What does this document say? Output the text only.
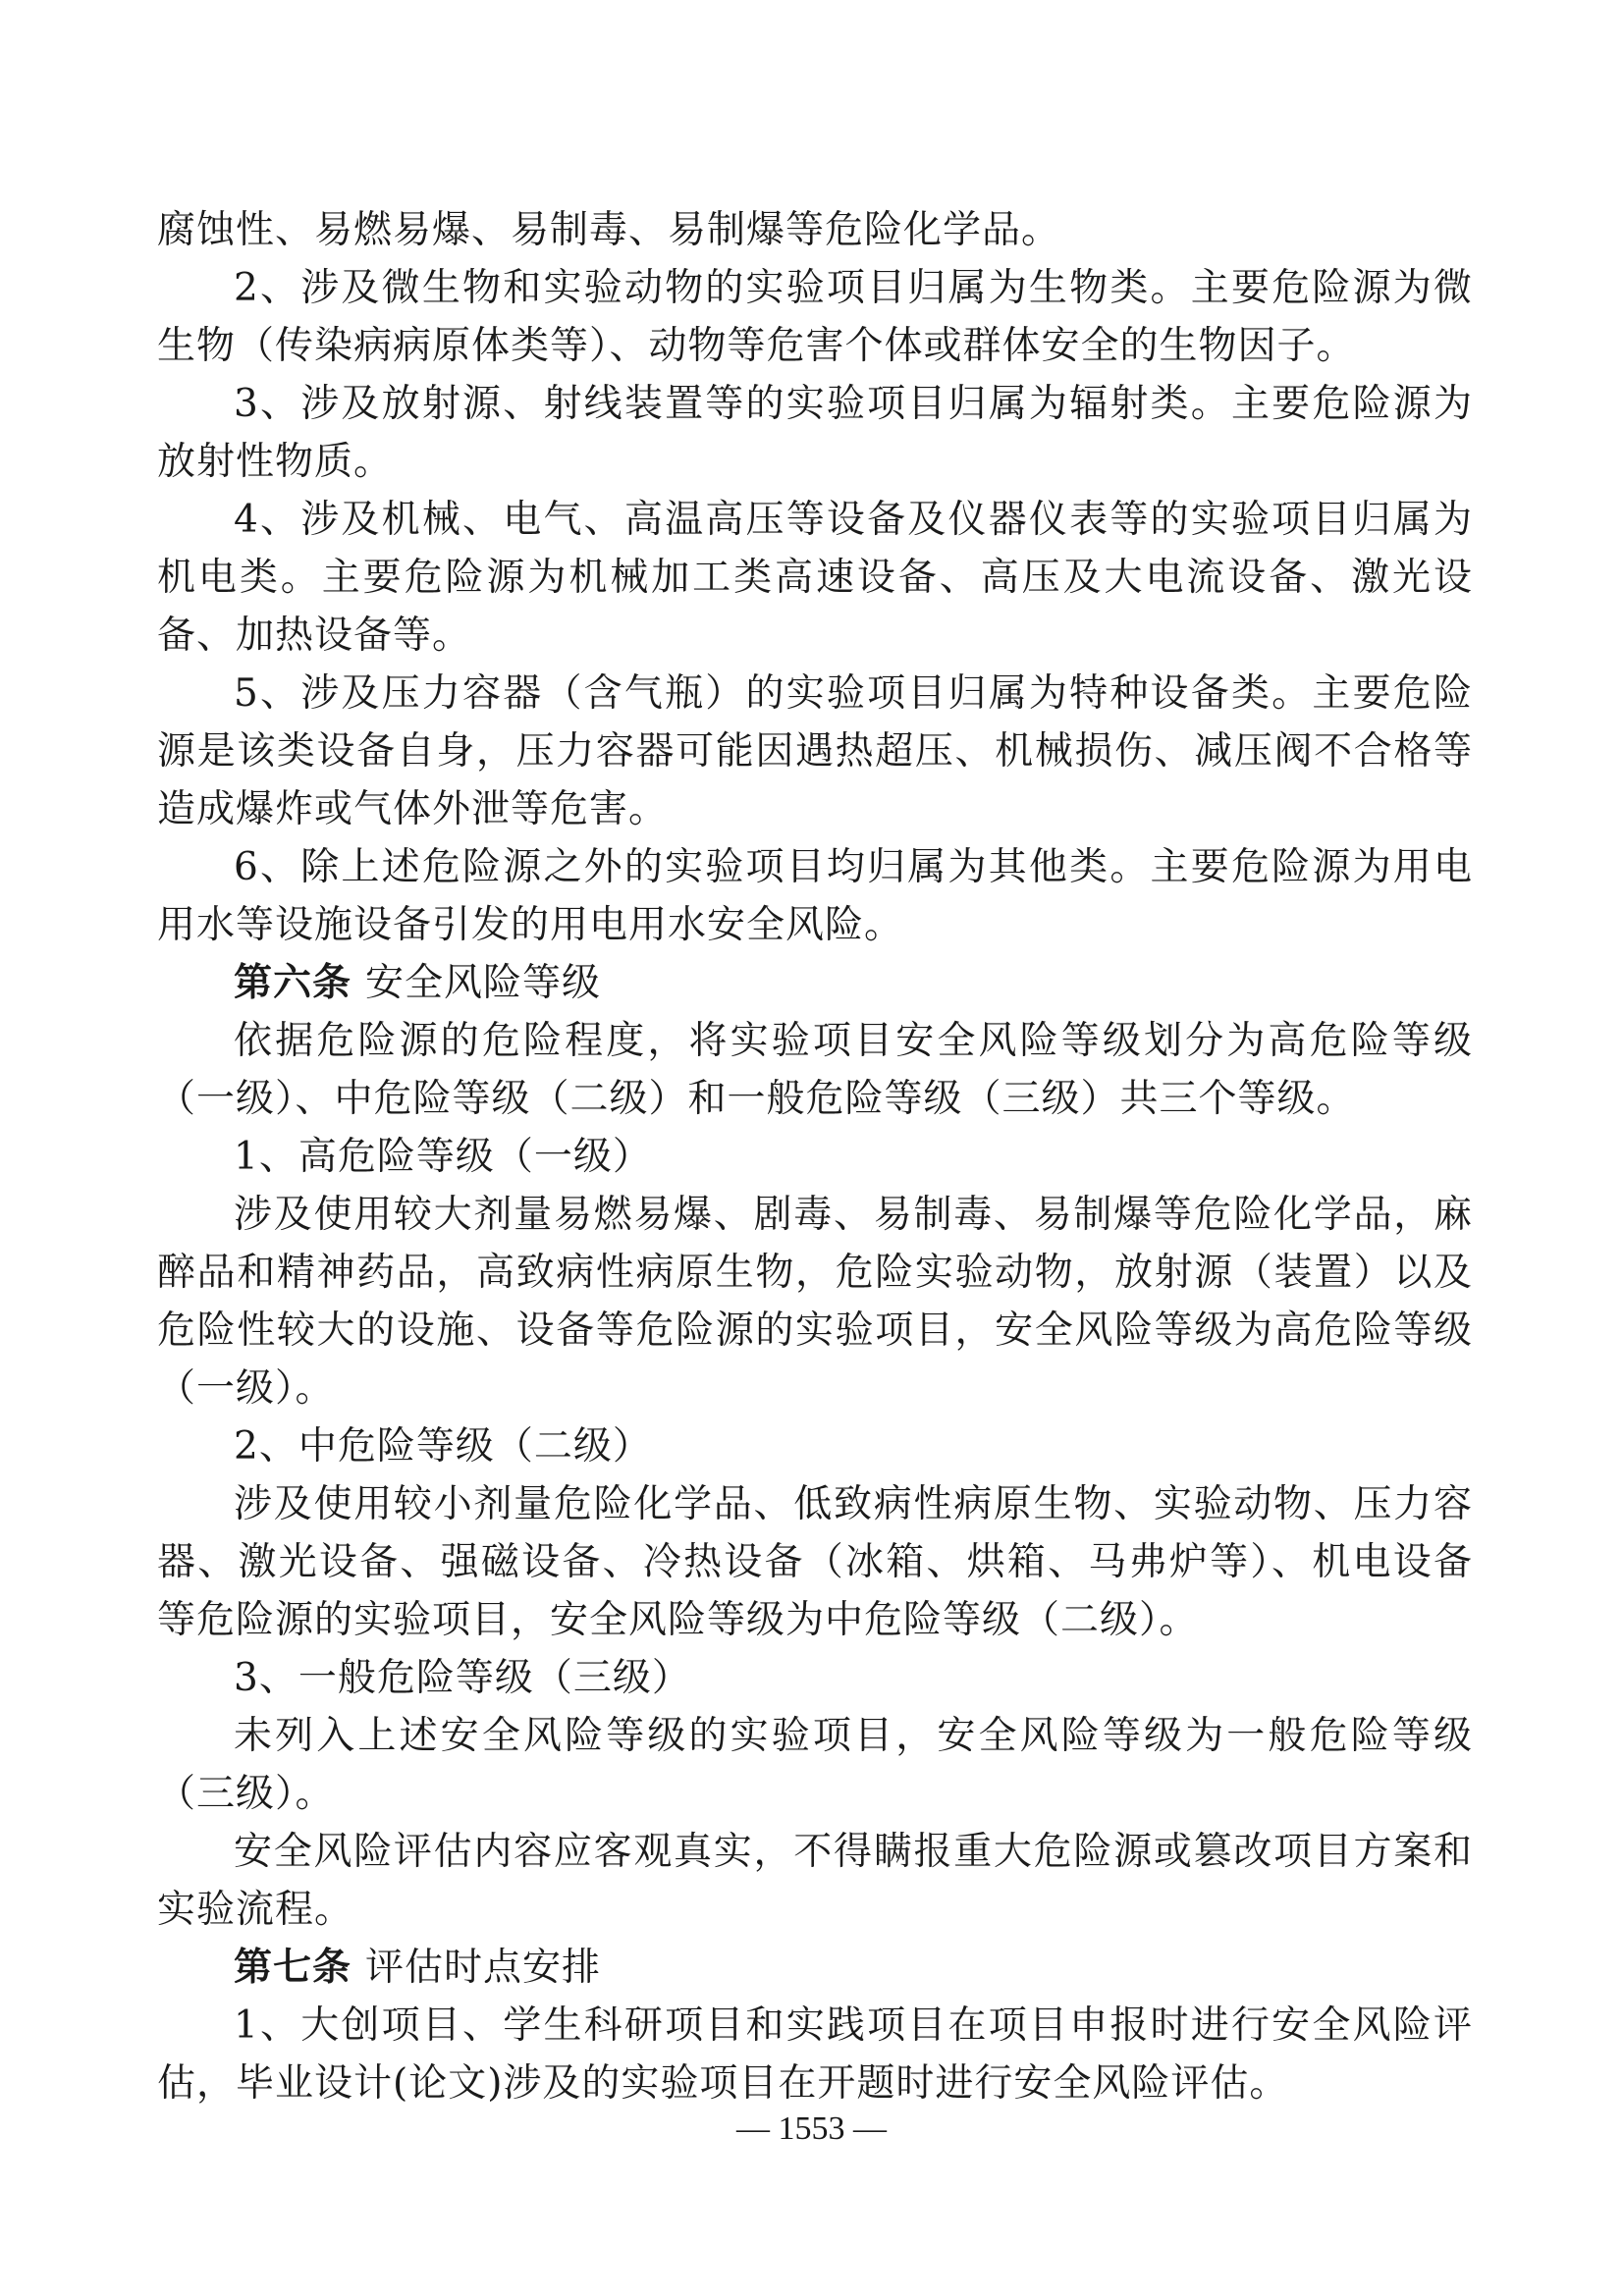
腐蚀性、易燃易爆、易制毒、易制爆等危险化学品。

2、涉及微生物和实验动物的实验项目归属为生物类。主要危险源为微生物（传染病病原体类等）、动物等危害个体或群体安全的生物因子。

3、涉及放射源、射线装置等的实验项目归属为辐射类。主要危险源为放射性物质。

4、涉及机械、电气、高温高压等设备及仪器仪表等的实验项目归属为机电类。主要危险源为机械加工类高速设备、高压及大电流设备、激光设备、加热设备等。

5、涉及压力容器（含气瓶）的实验项目归属为特种设备类。主要危险源是该类设备自身，压力容器可能因遇热超压、机械损伤、减压阀不合格等造成爆炸或气体外泄等危害。

6、除上述危险源之外的实验项目均归属为其他类。主要危险源为用电用水等设施设备引发的用电用水安全风险。

第六条 安全风险等级

依据危险源的危险程度，将实验项目安全风险等级划分为高危险等级（一级）、中危险等级（二级）和一般危险等级（三级）共三个等级。

1、高危险等级（一级）

涉及使用较大剂量易燃易爆、剧毒、易制毒、易制爆等危险化学品，麻醉品和精神药品，高致病性病原生物，危险实验动物，放射源（装置）以及危险性较大的设施、设备等危险源的实验项目，安全风险等级为高危险等级（一级）。

2、中危险等级（二级）

涉及使用较小剂量危险化学品、低致病性病原生物、实验动物、压力容器、激光设备、强磁设备、冷热设备（冰箱、烘箱、马弗炉等）、机电设备等危险源的实验项目，安全风险等级为中危险等级（二级）。

3、一般危险等级（三级）

未列入上述安全风险等级的实验项目，安全风险等级为一般危险等级（三级）。

安全风险评估内容应客观真实，不得瞒报重大危险源或篡改项目方案和实验流程。

第七条 评估时点安排

1、大创项目、学生科研项目和实践项目在项目申报时进行安全风险评估，毕业设计(论文)涉及的实验项目在开题时进行安全风险评估。

— 1553 —
